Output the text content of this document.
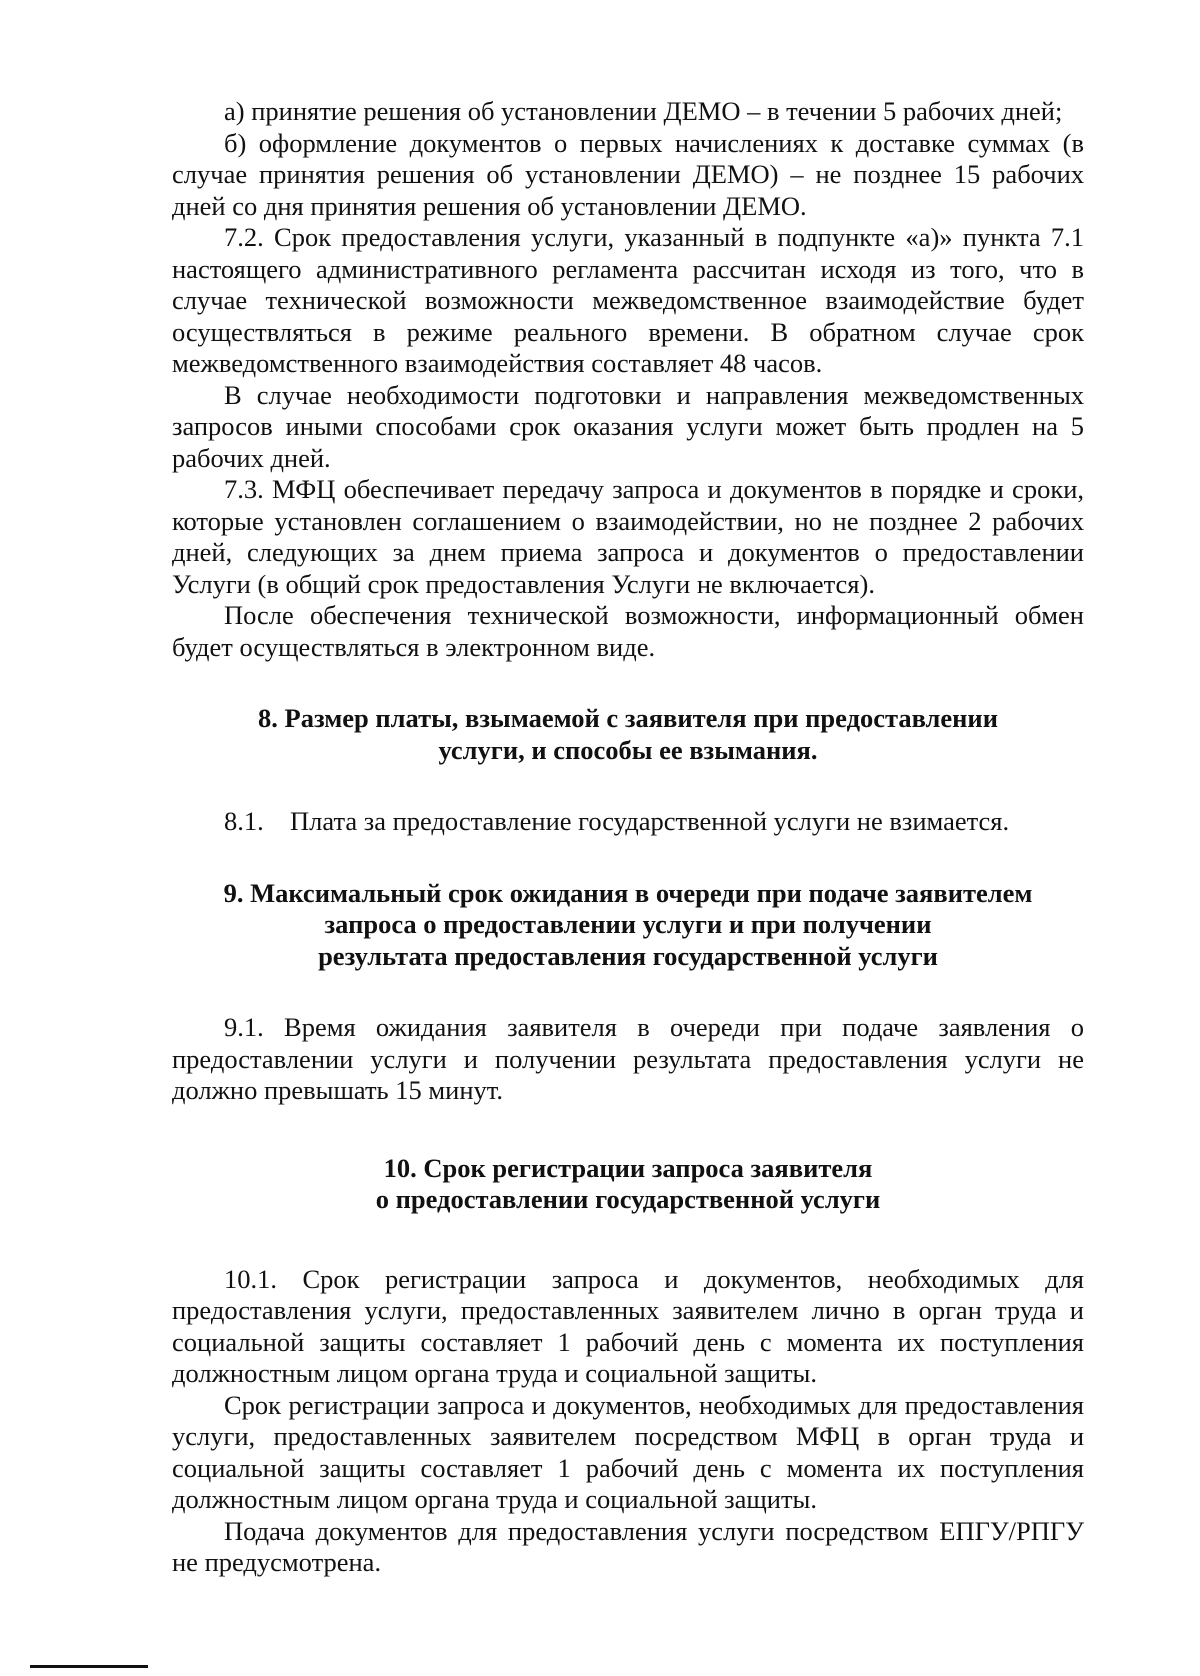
а) принятие решения об установлении ДЕМО – в течении 5 рабочих дней;

б) оформление документов о первых начислениях к доставке суммах (в случае принятия решения об установлении ДЕМО) – не позднее 15 рабочих дней со дня принятия решения об установлении ДЕМО.

7.2. Срок предоставления услуги, указанный в подпункте «а)» пункта 7.1 настоящего административного регламента рассчитан исходя из того, что в случае технической возможности межведомственное взаимодействие будет осуществляться в режиме реального времени. В обратном случае срок межведомственного взаимодействия составляет 48 часов.

В случае необходимости подготовки и направления межведомственных запросов иными способами срок оказания услуги может быть продлен на 5 рабочих дней.

7.3. МФЦ обеспечивает передачу запроса и документов в порядке и сроки, которые установлен соглашением о взаимодействии, но не позднее 2 рабочих дней, следующих за днем приема запроса и документов о предоставлении Услуги (в общий срок предоставления Услуги не включается).

После обеспечения технической возможности, информационный обмен будет осуществляться в электронном виде.

8. Размер платы, взымаемой с заявителя при предоставлении
услуги, и способы ее взымания.

8.1. Плата за предоставление государственной услуги не взимается.

9. Максимальный срок ожидания в очереди при подаче заявителем
запроса о предоставлении услуги и при получении
результата предоставления государственной услуги

9.1. Время ожидания заявителя в очереди при подаче заявления о предоставлении услуги и получении результата предоставления услуги не должно превышать 15 минут.

10. Срок регистрации запроса заявителя
о предоставлении государственной услуги

10.1. Срок регистрации запроса и документов, необходимых для предоставления услуги, предоставленных заявителем лично в орган труда и социальной защиты составляет 1 рабочий день с момента их поступления должностным лицом органа труда и социальной защиты.

Срок регистрации запроса и документов, необходимых для предоставления услуги, предоставленных заявителем посредством МФЦ в орган труда и социальной защиты составляет 1 рабочий день с момента их поступления должностным лицом органа труда и социальной защиты.

Подача документов для предоставления услуги посредством ЕПГУ/РПГУ не предусмотрена.
